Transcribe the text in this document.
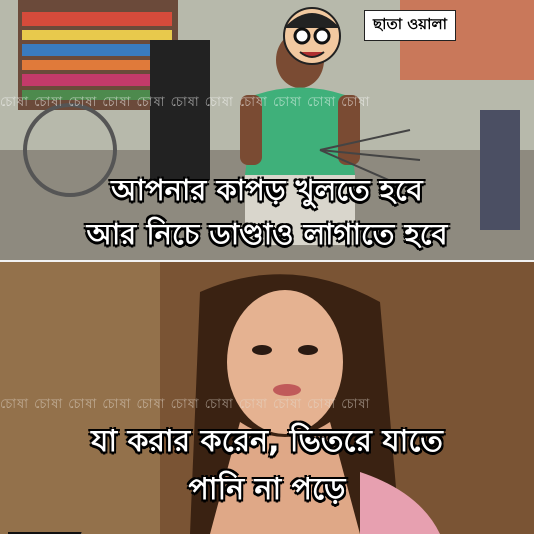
চোষা চোষা চোষা চোষা চোষা চোষা চোষা চোষা চোষা চোষা চোষা
ছাতা ওয়ালা
আপনার কাপড় খুলতে হবে
আর নিচে ডাণ্ডাও লাগাতে হবে
চোষা চোষা চোষা চোষা চোষা চোষা চোষা চোষা চোষা চোষা চোষা
যা করার করেন, ভিতরে যাতে
পানি না পড়ে
